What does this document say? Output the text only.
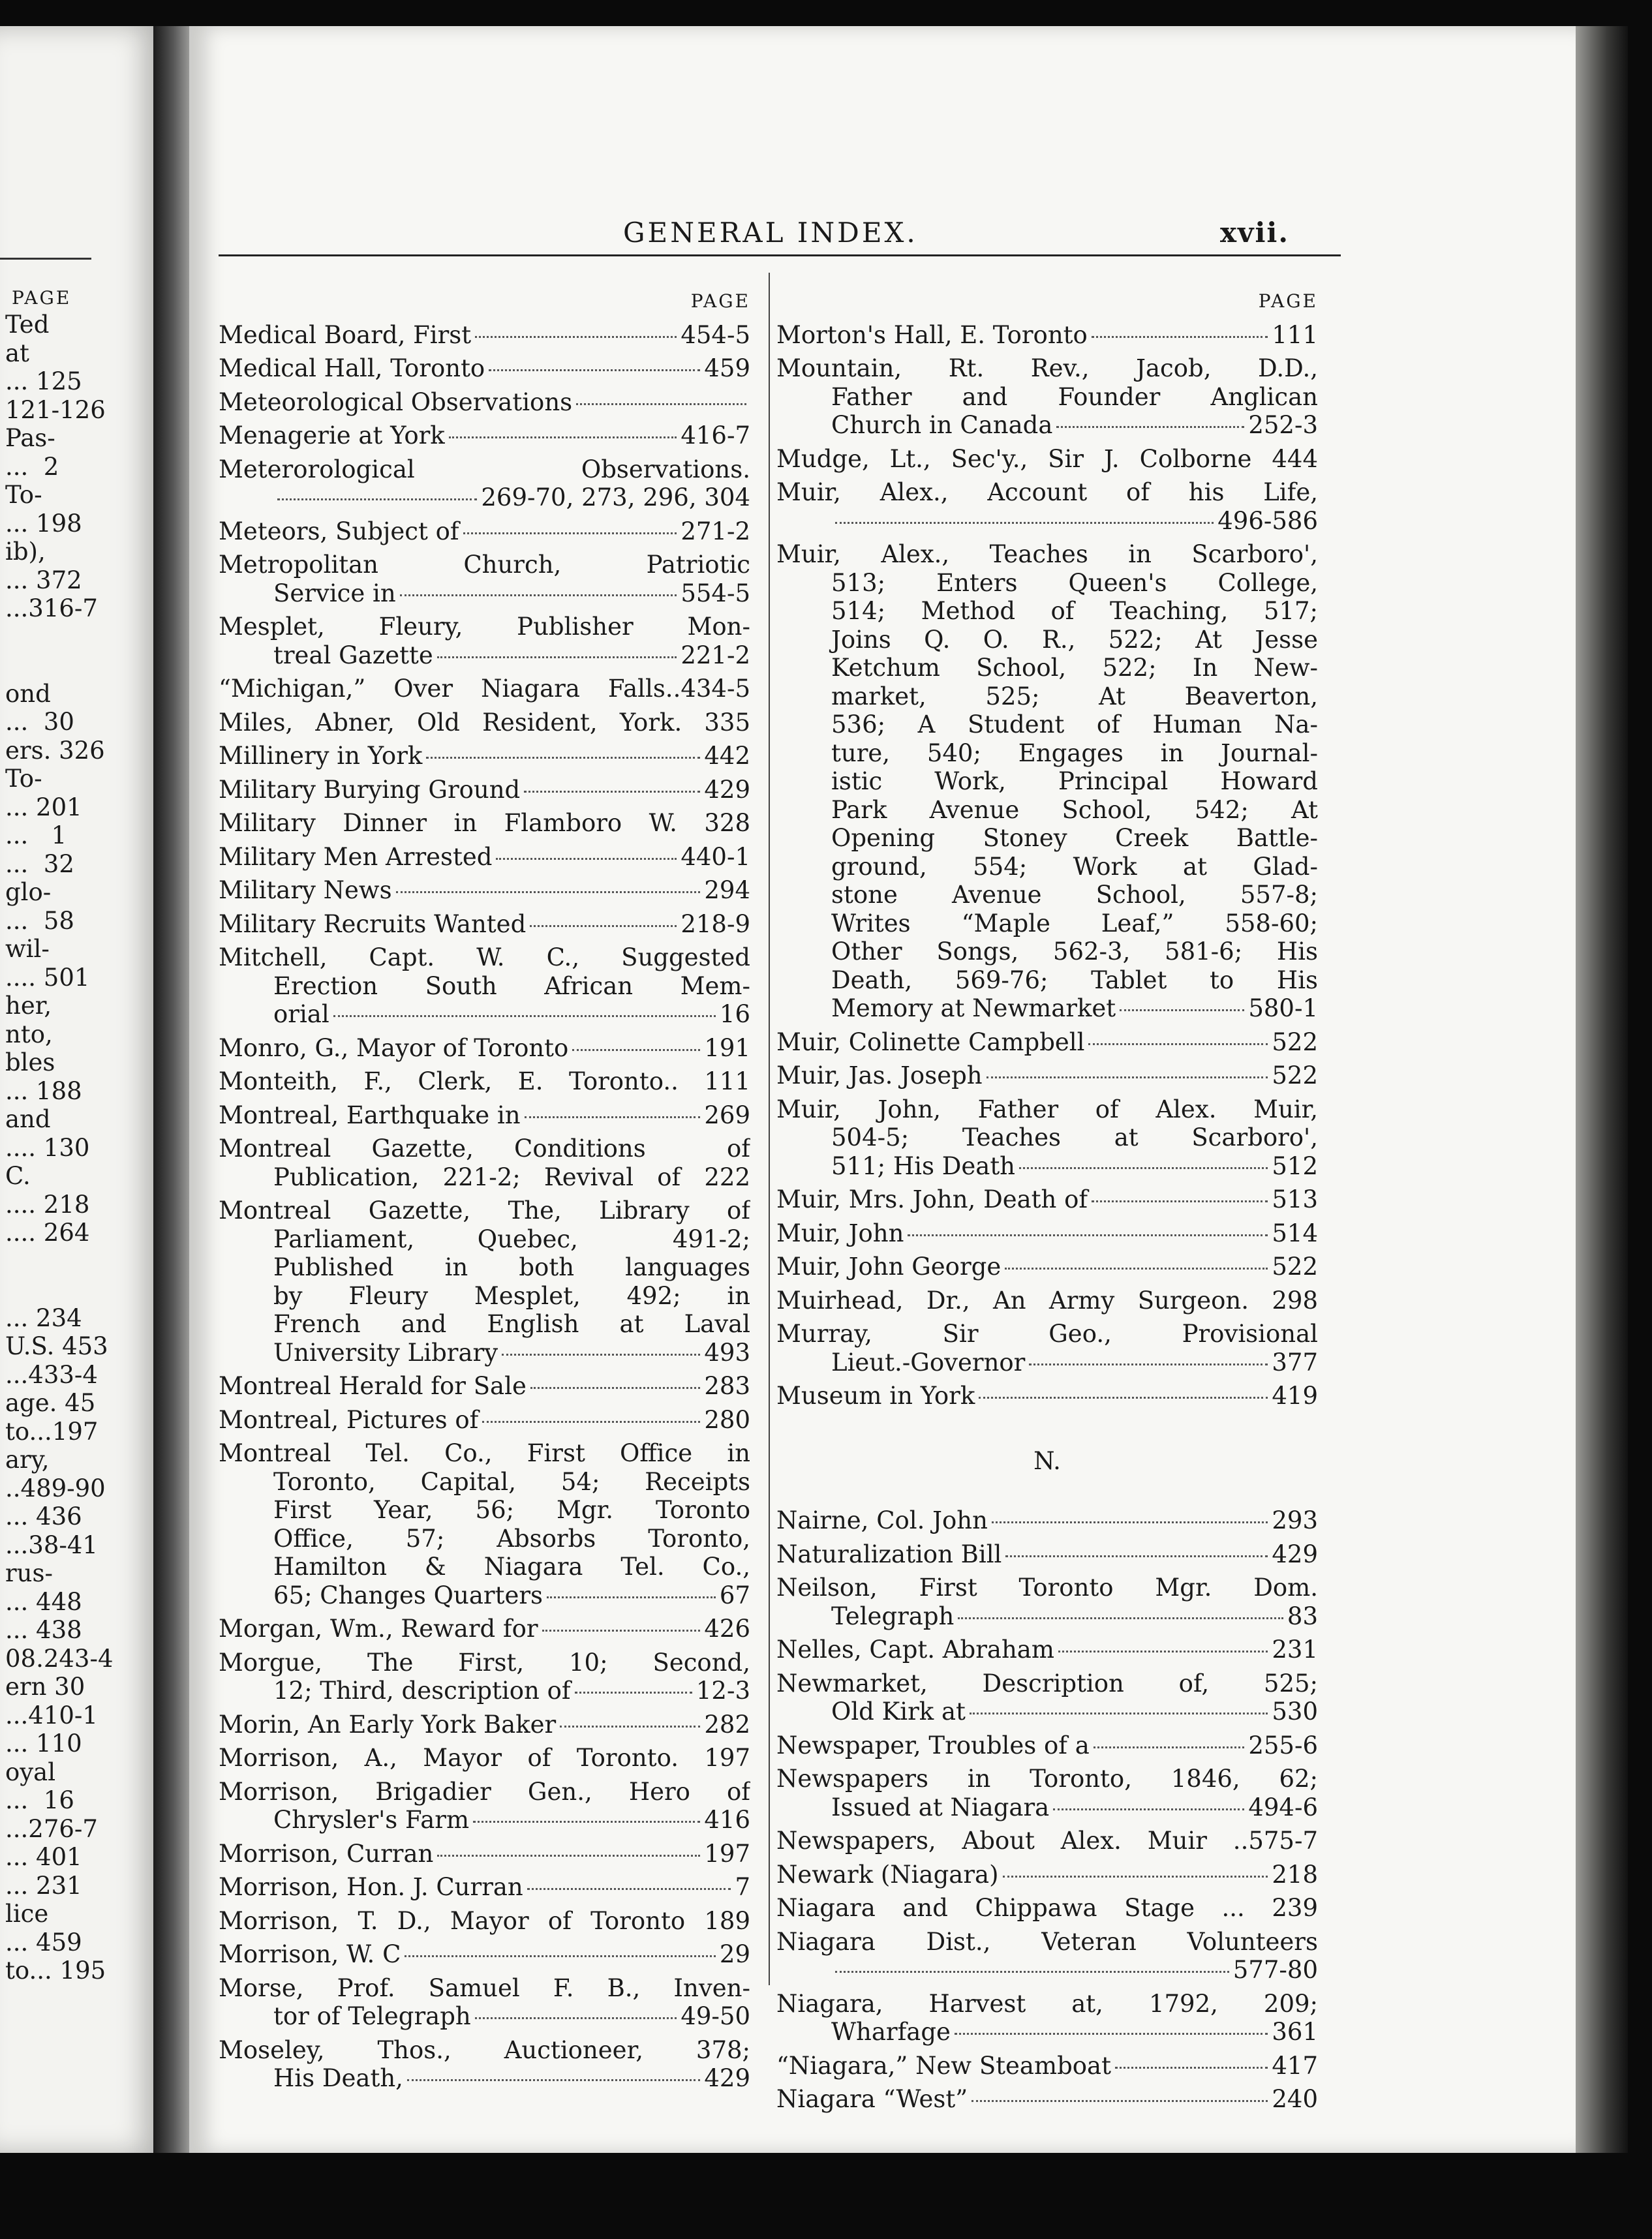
PAGE
Ted
at
... 125
121-126
Pas-
...  2
To-
... 198
ib),
... 372
...316-7

ond
...  30
ers. 326
To-
... 201
...   1
...  32
glo-
...  58
wil-
.... 501
her,
nto,
bles
... 188
and
.... 130
C.
.... 218
.... 264

... 234
U.S. 453
...433-4
age. 45
to...197
ary,
..489-90
... 436
...38-41
rus-
... 448
... 438
08.243-4
ern 30
...410-1
... 110
oyal
...  16
...276-7
... 401
... 231
lice
... 459
to... 195
GENERAL INDEX.	xvii.
PAGE
Medical Board, First	454-5
Medical Hall, Toronto	459
Meteorological Observations
Menagerie at York	416-7
Meterorological     Observations.
269-70, 273, 296, 304
Meteors, Subject of	271-2
Metropolitan   Church,   Patriotic
Service in	554-5
Mesplet,  Fleury,  Publisher  Mon-
treal Gazette	221-2
“Michigan,” Over Niagara Falls..434-5
Miles, Abner, Old Resident, York. 335
Millinery in York	442
Military Burying Ground	429
Military Dinner in Flamboro W. 328
Military Men Arrested	440-1
Military News	294
Military Recruits Wanted	218-9
Mitchell, Capt. W. C., Suggested
Erection South African Mem-
orial	16
Monro, G., Mayor of Toronto	191
Monteith, F., Clerk, E. Toronto.. 111
Montreal, Earthquake in	269
Montreal Gazette, Conditions  of
Publication, 221-2; Revival of 222
Montreal Gazette, The, Library of
Parliament,  Quebec,   491-2;
Published in both languages
by Fleury Mesplet, 492; in
French and English at Laval
University Library	493
Montreal Herald for Sale	283
Montreal, Pictures of	280
Montreal Tel. Co., First Office in
Toronto, Capital, 54; Receipts
First Year, 56; Mgr. Toronto
Office, 57; Absorbs Toronto,
Hamilton & Niagara Tel. Co.,
65; Changes Quarters	67
Morgan, Wm., Reward for	426
Morgue, The First, 10; Second,
12; Third, description of	12-3
Morin, An Early York Baker	282
Morrison, A., Mayor of Toronto. 197
Morrison, Brigadier Gen., Hero of
Chrysler's Farm	416
Morrison, Curran	197
Morrison, Hon. J. Curran	7
Morrison, T. D., Mayor of Toronto 189
Morrison, W. C	29
Morse, Prof. Samuel F. B., Inven-
tor of Telegraph	49-50
Moseley, Thos., Auctioneer, 378;
His Death,	429
PAGE
Morton's Hall, E. Toronto	111
Mountain, Rt. Rev., Jacob, D.D.,
Father and Founder Anglican
Church in Canada	252-3
Mudge, Lt., Sec'y., Sir J. Colborne 444
Muir, Alex., Account of his Life,
496-586
Muir, Alex., Teaches in Scarboro',
513; Enters Queen's College,
514; Method of Teaching, 517;
Joins Q. O. R., 522; At Jesse
Ketchum School, 522; In New-
market, 525; At Beaverton,
536; A Student of Human Na-
ture, 540; Engages in Journal-
istic Work, Principal Howard
Park Avenue School, 542; At
Opening Stoney Creek Battle-
ground, 554; Work at Glad-
stone Avenue School, 557-8;
Writes “Maple Leaf,” 558-60;
Other Songs, 562-3, 581-6; His
Death, 569-76; Tablet to His
Memory at Newmarket	580-1
Muir, Colinette Campbell	522
Muir, Jas. Joseph	522
Muir, John, Father of Alex. Muir,
504-5; Teaches at Scarboro',
511; His Death	512
Muir, Mrs. John, Death of	513
Muir, John	514
Muir, John George	522
Muirhead, Dr., An Army Surgeon. 298
Murray,   Sir   Geo.,   Provisional
Lieut.-Governor	377
Museum in York	419
N.
Nairne, Col. John	293
Naturalization Bill	429
Neilson, First Toronto Mgr. Dom.
Telegraph	83
Nelles, Capt. Abraham	231
Newmarket, Description of, 525;
Old Kirk at	530
Newspaper, Troubles of a	255-6
Newspapers in Toronto, 1846, 62;
Issued at Niagara	494-6
Newspapers, About Alex. Muir ..575-7
Newark (Niagara)	218
Niagara and Chippawa Stage ... 239
Niagara Dist., Veteran Volunteers
577-80
Niagara, Harvest at, 1792, 209;
Wharfage	361
“Niagara,” New Steamboat	417
Niagara “West”	240
